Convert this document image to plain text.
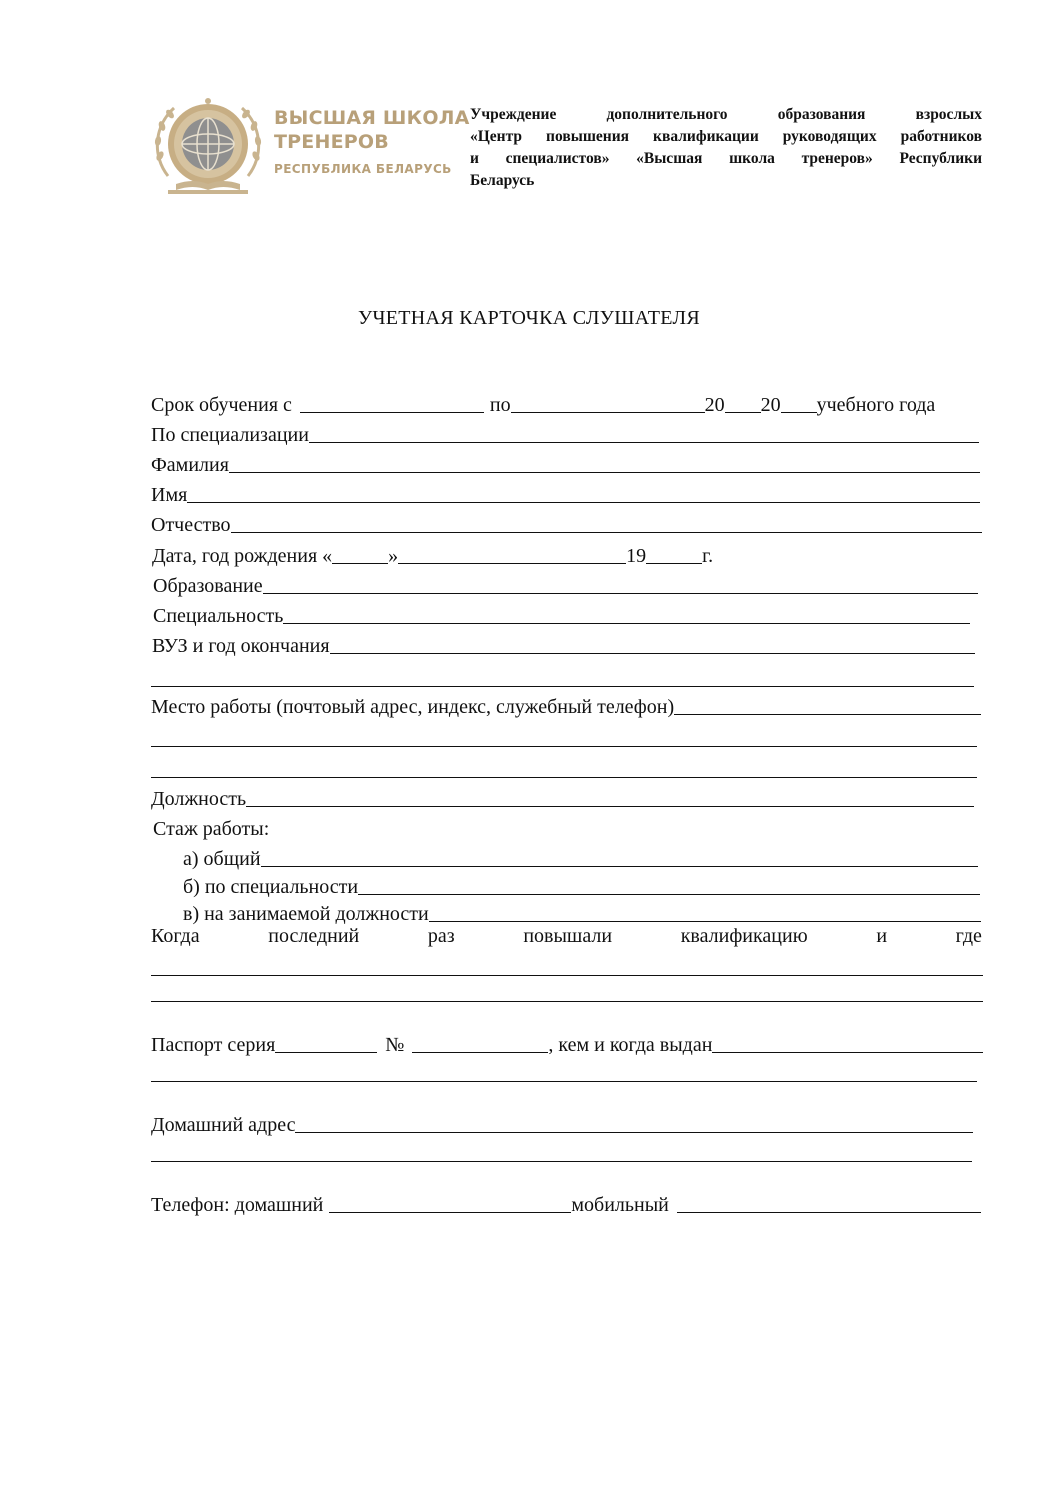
ВЫСШАЯ ШКОЛА
ТРЕНЕРОВ
РЕСПУБЛИКА БЕЛАРУСЬ
Учреждение дополнительного образования взрослых
«Центр повышения квалификации руководящих работников
и специалистов» «Высшая школа тренеров» Республики
Беларусь
УЧЕТНАЯ КАРТОЧКА СЛУШАТЕЛЯ
Срок обучения с	по	20 20 учебного года
По специализации
Фамилия
Имя
Отчество
Дата, год рождения «	»	19	г.
Образование
Специальность
ВУЗ и год окончания
Место работы (почтовый адрес, индекс, служебный телефон)
Должность
Стаж работы:
а) общий
б) по специальности
в) на занимаемой должности
Когда	последний	раз	повышали	квалификацию	и	где
Паспорт серия	№	, кем и когда выдан
Домашний адрес
Телефон: домашний	мобильный
